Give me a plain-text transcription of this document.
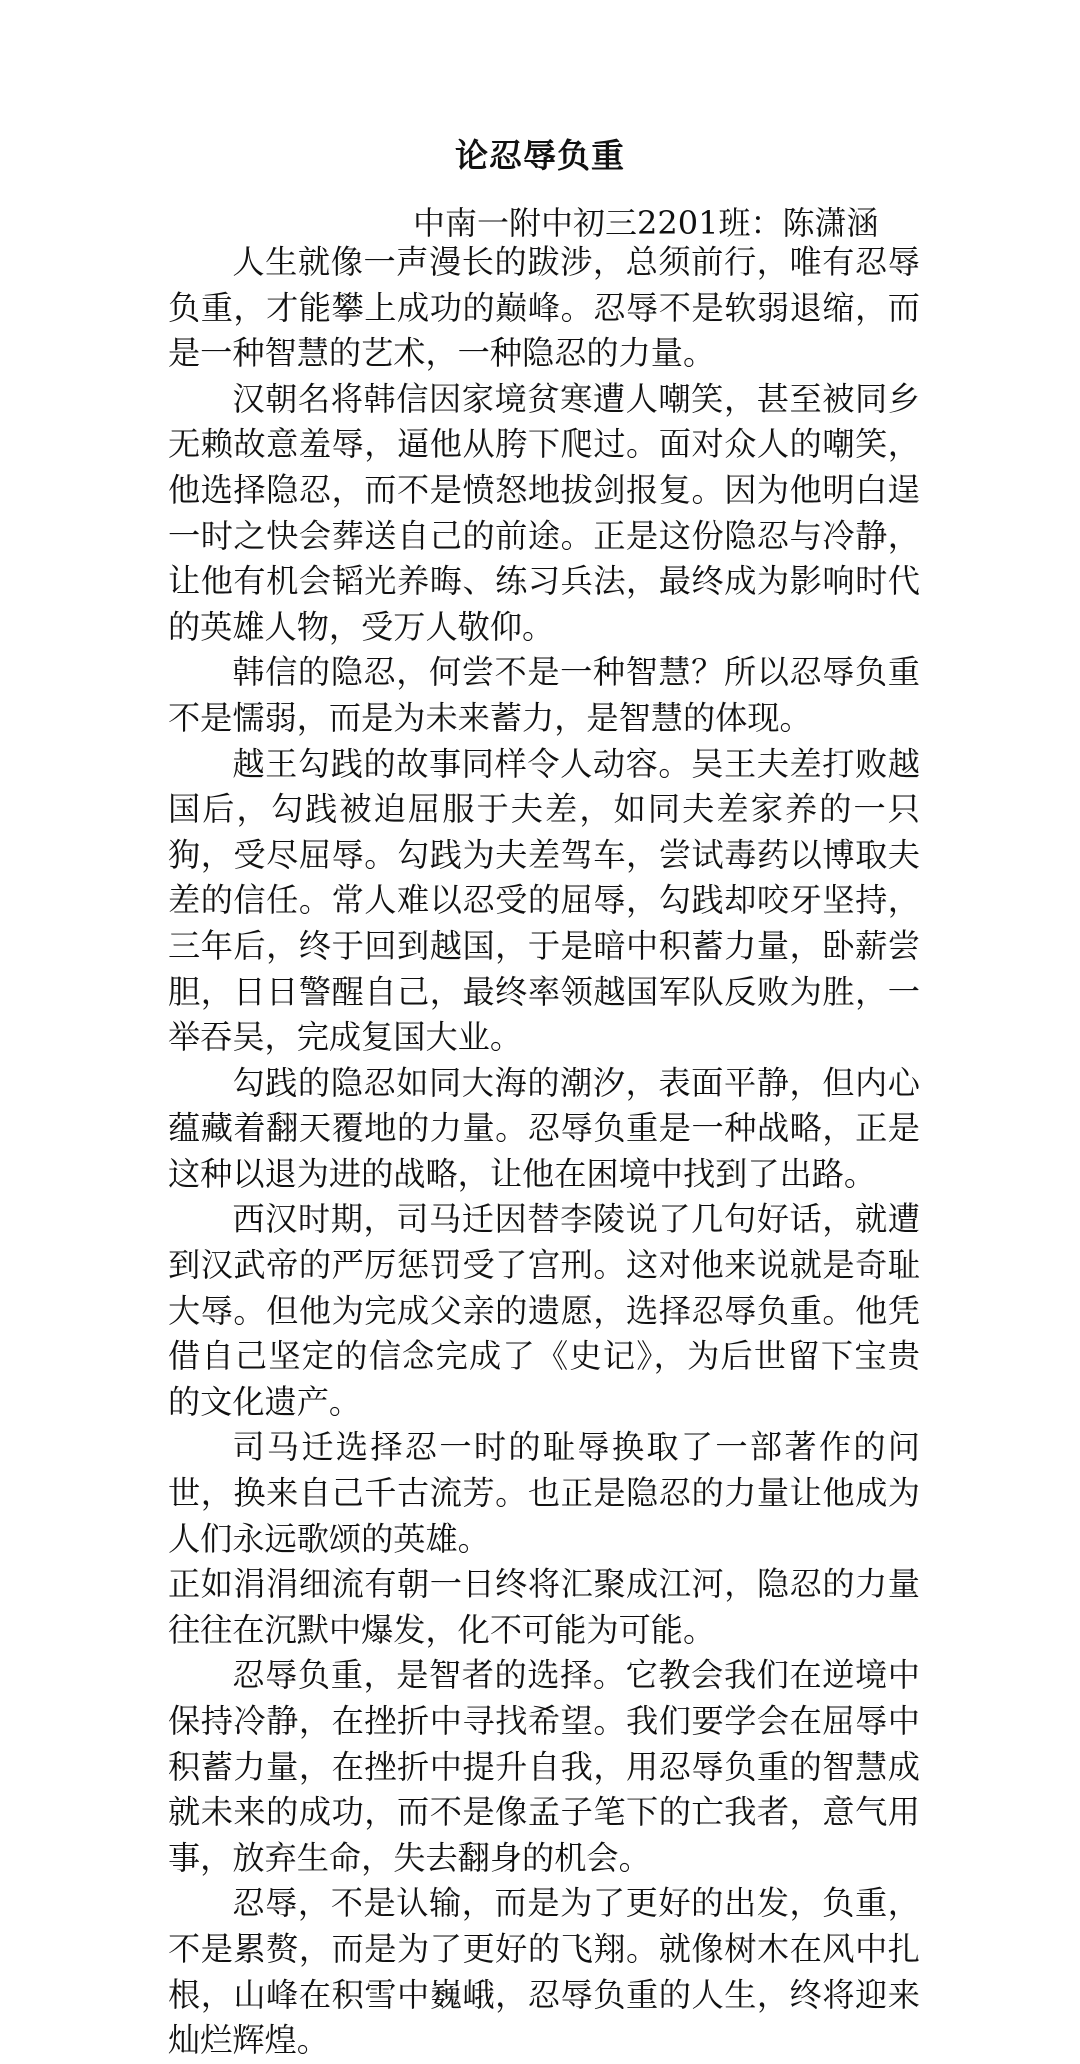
论忍辱负重
中南一附中初三2201班：陈潇涵

人生就像一声漫长的跋涉，总须前行，唯有忍辱负重，才能攀上成功的巅峰。忍辱不是软弱退缩，而是一种智慧的艺术，一种隐忍的力量。

汉朝名将韩信因家境贫寒遭人嘲笑，甚至被同乡无赖故意羞辱，逼他从胯下爬过。面对众人的嘲笑，他选择隐忍，而不是愤怒地拔剑报复。因为他明白逞一时之快会葬送自己的前途。正是这份隐忍与冷静，让他有机会韬光养晦、练习兵法，最终成为影响时代的英雄人物，受万人敬仰。

韩信的隐忍，何尝不是一种智慧？所以忍辱负重不是懦弱，而是为未来蓄力，是智慧的体现。

越王勾践的故事同样令人动容。吴王夫差打败越国后，勾践被迫屈服于夫差，如同夫差家养的一只狗，受尽屈辱。勾践为夫差驾车，尝试毒药以博取夫差的信任。常人难以忍受的屈辱，勾践却咬牙坚持，三年后，终于回到越国，于是暗中积蓄力量，卧薪尝胆，日日警醒自己，最终率领越国军队反败为胜，一举吞吴，完成复国大业。

勾践的隐忍如同大海的潮汐，表面平静，但内心蕴藏着翻天覆地的力量。忍辱负重是一种战略，正是这种以退为进的战略，让他在困境中找到了出路。

西汉时期，司马迁因替李陵说了几句好话，就遭到汉武帝的严厉惩罚受了宫刑。这对他来说就是奇耻大辱。但他为完成父亲的遗愿，选择忍辱负重。他凭借自己坚定的信念完成了《史记》，为后世留下宝贵的文化遗产。

司马迁选择忍一时的耻辱换取了一部著作的问世，换来自己千古流芳。也正是隐忍的力量让他成为人们永远歌颂的英雄。

正如涓涓细流有朝一日终将汇聚成江河，隐忍的力量往往在沉默中爆发，化不可能为可能。

忍辱负重，是智者的选择。它教会我们在逆境中保持冷静，在挫折中寻找希望。我们要学会在屈辱中积蓄力量，在挫折中提升自我，用忍辱负重的智慧成就未来的成功，而不是像孟子笔下的亡我者，意气用事，放弃生命，失去翻身的机会。

忍辱，不是认输，而是为了更好的出发，负重，不是累赘，而是为了更好的飞翔。就像树木在风中扎根，山峰在积雪中巍峨，忍辱负重的人生，终将迎来灿烂辉煌。
